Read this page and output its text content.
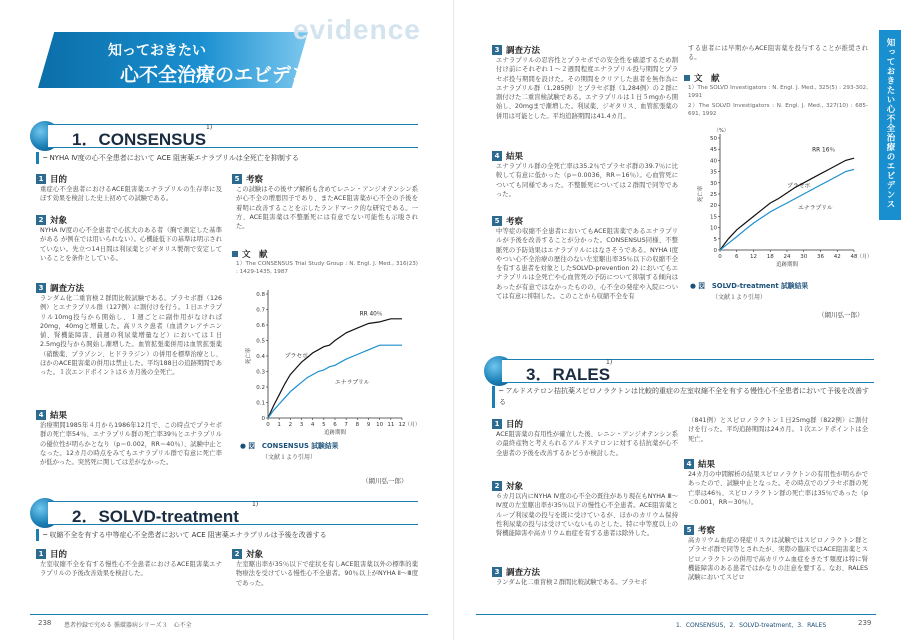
evidence
知っておきたい
心不全治療のエビデンス
1．CONSENSUS
1)
─ NYHA Ⅳ度の心不全患者において ACE 阻害薬エナラプリルは全死亡を抑制する
1 目的
重症心不全患者におけるACE阻害薬エナラプリルの生存率に及ぼす効果を検討した史上初めての試験である。
2 対象
NYHA Ⅳ度の心不全患者で心拡大のある者（胸で測定した基準がある が例在では用いられない）。心機能低下の基準は明示されていない。先立つ14日間は利尿薬とジギタリス製剤で安定していることを条件としている。
3 調査方法
ランダム化二重盲検２群間比較試験である。プラセボ群（126例）とエナラプリル群（127例）に割付けを行う。１日エナラプリル10mg投与から開始し、１週ごとに副作用がなければ20mg，40mgと増量した。高リスク患者（血清クレアチニン値、腎機能障害、前週の利尿薬増量など）においては１日2.5mg投与から開始し漸増した。血管拡張薬併用は血管拡張薬（硝酸薬、プラゾシン、ヒドララジン）の併用を標準治療とし、ほかのACE阻害薬の併用は禁止した。平均188日の追跡期間であった。１次エンドポイントは６カ月後の全死亡。
4 結果
治療期間1985年４月から1986年12月で、この時点でプラセボ群の死亡率54％、エナラプリル群の死亡率39％とエナラプリルの優位性が明らかとなり（p＝0.002，RR＝40％）、試験中止となった。12カ月の時点をみてもエナラプリル群で有意に死亡率が低かった。突然死に関しては差がなかった。
5 考察
この試験はその後サブ解析も含めてレニン・アンジオテンシン系が心不全の増悪因子であり、またACE阻害薬が心不全の予後を着明に改善することを示したランドマーク的な研究である。一方、ACE阻害薬は不整脈死には有意でない可能性も示唆された。
文　献
1）The CONSENSUS Trial Study Group : N. Engl. J. Med., 316(23) : 1429-1435, 1987
0
0.1
0.2
0.3
0.4
0.5
0.6
0.7
0.8
0 1 2 3 4 5 6 7 8 9 10 11 12 （月）
追跡期間
死亡率	プラセボ
エナラプリル
RR 40％
● 図　CONSENSUS 試験結果
（文献１より引用）
（網川弘一郎）
2．SOLVD-treatment
1)
─ 収縮不全を有する中等症心不全患者において ACE 阻害薬エナラプリルは予後を改善する
1 目的
左室収縮不全を有する慢性心不全患者におけるACE阻害薬エナラプリルの予後改善効果を検討した。
2 対象
左室駆出率が35％以下で症状を有しACE阻害薬以外の標準的薬物療法を受けている慢性心不全患者。90％以上がNYHA Ⅱ〜Ⅲ度であった。
238 患者抄録で究める 循環器病シリーズ３　心不全
3 調査方法
エナラプリルの忍容性とプラセボでの安全性を確認するため割付け前にそれぞれ１〜２週間程度エナラプリル投与期間とプラセボ投与期間を設けた。その期間をクリアした患者を無作為にエナラプリル群（1,285例）とプラセボ群（1,284例）の２群に割付けた二重盲検試験である。エナラプリルは１日５mgから開始し、20mgまで漸増した。利尿薬、ジギタリス、血管拡張薬の併用は可能とした。平均追跡期間は41.4カ月。
4 結果
エナラプリル群の全死亡率は35.2％でプラセボ群の39.7％に比較して有意に低かった（p＝0.0036，RR＝16％）。心血管死についても同様であった。不整脈死については２群間で同等であった。
5 考察
中等症の収縮不全患者においてもACE阻害薬であるエナラプリルが予後を改善することが分かった。CONSENSUS同様、不整脈死の予防効果はエナラプリルにはなさそうである。NYHA Ⅰ度やつい心不全治療の歴往のない左室駆出率35％以下の収縮不全を有する患者を対象としたSOLVD-prevention 2) においてもエナラプリルは全死亡や心血管死の予防について抑制する傾向はあったが有意ではなかったものの、心不全の発症や入院については有意に抑制した。このことから収縮不全を有
する患者には早期からACE阻害薬を投与することが推奨される。
文　献
1）The SOLVD Investigators : N. Engl. J. Med., 325(5) : 293-302, 1991
2）The SOLVD Investigators : N. Engl. J. Med., 327(10) : 685-691, 1992
0
5
10
15
20
25
30
35
40
45
50
0 6 12 18 24 30 36 42 48 （月）
（%）
追跡期間
死亡率	プラセボ
エナラプリル
RR 16％
● 図　SOLVD-treatment 試験結果
（文献１より引用）
（網川弘一郎）
3．RALES
1)
─ アルドステロン拮抗薬スピロノラクトンは比較的重症の左室収縮不全を有する慢性心不全患者において予後を改善する
1 目的
ACE阻害薬の有用性が確立した後、レニン・アンジオテンシン系の最終産物と考えられるアルドステロンに対する拮抗薬が心不全患者の予後を改善するかどうか検討した。
2 対象
６カ月以内にNYHA Ⅳ度の心不全の既往があり現在もNYHA Ⅲ〜Ⅳ度の左室駆出率が35％以下の慢性心不全患者。ACE阻害薬とループ利尿薬の投与を既に受けているが、ほかのカリウム保持性利尿薬の投与は受けていないものとした。特に中等度以上の腎機能障害や高カリウム血症を有する患者は除外した。
3 調査方法
ランダム化二重盲検２群間比較試験である。プラセボ
（841例）とスピロノラクトン１日25mg群（822例）に割付けを行った。平均追跡期間は24カ月。１次エンドポイントは全死亡。
4 結果
24カ月の中間解析の結果スピロノラクトンの有用性が明らかであったので、試験中止となった。その時点でのプラセボ群の死亡率は46％、スピロノラクトン群の死亡率は35％であった（p＜0.001，RR＝30％）。
5 考察
高カリウム血症の発症リスクは試験ではスピロノラクトン群とプラセボ群で同等とされたが、実際の臨床ではACE阻害薬とスピロノラクトンの併用で高カリウム血症をきたす頻度は特に腎機能障害のある患者ではかなりの注意を要する。なお、RALES試験においてスピロ
知っておきたい心不全治療のエビデンス
1．CONSENSUS，2．SOLVD-treatment，3．RALES	239
